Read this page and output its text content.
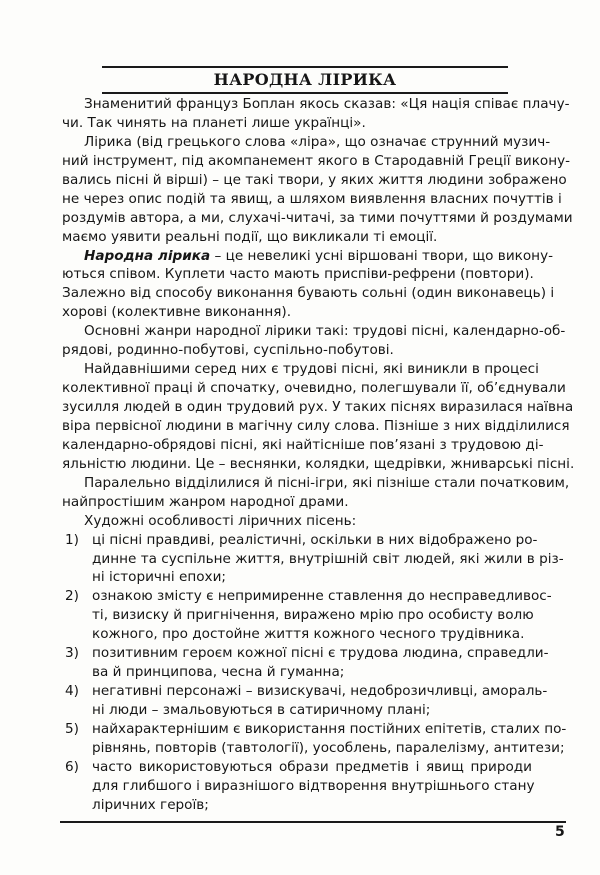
НАРОДНА ЛІРИКА
Знаменитий француз Боплан якось сказав: «Ця нація співає плачу-
чи. Так чинять на планеті лише українці».
Лірика (від грецького слова «ліра», що означає струнний музич-
ний інструмент, під акомпанемент якого в Стародавній Греції викону-
вались пісні й вірші) – це такі твори, у яких життя людини зображено
не через опис подій та явищ, а шляхом виявлення власних почуттів і
роздумів автора, а ми, слухачі-читачі, за тими почуттями й роздумами
маємо уявити реальні події, що викликали ті емоції.
Народна лірика – це невеликі усні віршовані твори, що викону-
ються співом. Куплети часто мають приспіви-рефрени (повтори).
Залежно від способу виконання бувають сольні (один виконавець) і
хорові (колективне виконання).
Основні жанри народної лірики такі: трудові пісні, календарно-об-
рядові, родинно-побутові, суспільно-побутові.
Найдавнішими серед них є трудові пісні, які виникли в процесі
колективної праці й спочатку, очевидно, полегшували її, об’єднували
зусилля людей в один трудовий рух. У таких піснях виразилася наївна
віра первісної людини в магічну силу слова. Пізніше з них відділилися
календарно-обрядові пісні, які найтісніше пов’язані з трудовою ді-
яльністю людини. Це – веснянки, колядки, щедрівки, жниварські пісні.
Паралельно відділилися й пісні-ігри, які пізніше стали початковим,
найпростішим жанром народної драми.
Художні особливості ліричних пісень:
1) ці пісні правдиві, реалістичні, оскільки в них відображено ро-
динне та суспільне життя, внутрішній світ людей, які жили в різ-
ні історичні епохи;
2) ознакою змісту є непримиренне ставлення до несправедливос-
ті, визиску й пригнічення, виражено мрію про особисту волю
кожного, про достойне життя кожного чесного трудівника.
3) позитивним героєм кожної пісні є трудова людина, справедли-
ва й принципова, чесна й гуманна;
4) негативні персонажі – визискувачі, недоброзичливці, амораль-
ні люди – змальовуються в сатиричному плані;
5) найхарактернішим є використання постійних епітетів, сталих по-
рівнянь, повторів (тавтології), уособлень, паралелізму, антитези;
6) часто використовуються образи предметів і явищ природи
для глибшого і виразнішого відтворення внутрішнього стану
ліричних героїв;
5
